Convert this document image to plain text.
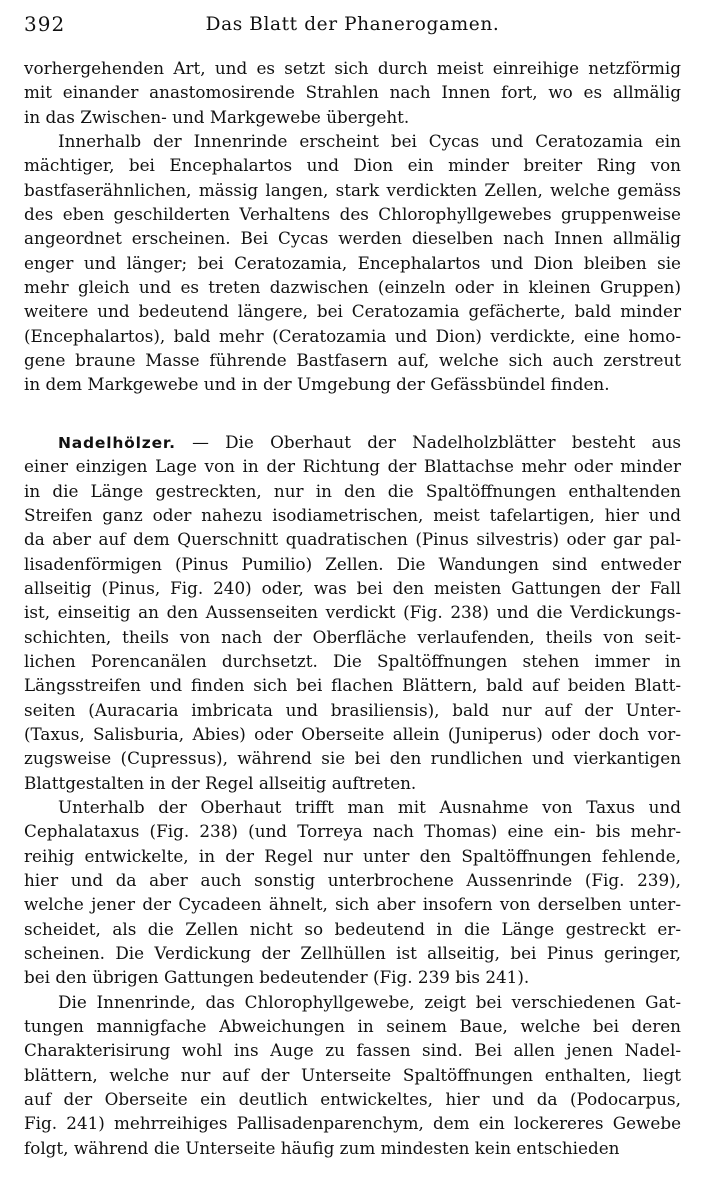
392	Das Blatt der Phanerogamen.
vorhergehenden Art, und es setzt sich durch meist einreihige netzförmig
mit einander anastomosirende Strahlen nach Innen fort, wo es allmälig
in das Zwischen- und Markgewebe übergeht.
Innerhalb der Innenrinde erscheint bei Cycas und Ceratozamia ein
mächtiger, bei Encephalartos und Dion ein minder breiter Ring von
bastfaserähnlichen, mässig langen, stark verdickten Zellen, welche gemäss
des eben geschilderten Verhaltens des Chlorophyllgewebes gruppenweise
angeordnet erscheinen. Bei Cycas werden dieselben nach Innen allmälig
enger und länger; bei Ceratozamia, Encephalartos und Dion bleiben sie
mehr gleich und es treten dazwischen (einzeln oder in kleinen Gruppen)
weitere und bedeutend längere, bei Ceratozamia gefächerte, bald minder
(Encephalartos), bald mehr (Ceratozamia und Dion) verdickte, eine homo-
gene braune Masse führende Bastfasern auf, welche sich auch zerstreut
in dem Markgewebe und in der Umgebung der Gefässbündel finden.
Nadelhölzer. — Die Oberhaut der Nadelholzblätter besteht aus
einer einzigen Lage von in der Richtung der Blattachse mehr oder minder
in die Länge gestreckten, nur in den die Spaltöffnungen enthaltenden
Streifen ganz oder nahezu isodiametrischen, meist tafelartigen, hier und
da aber auf dem Querschnitt quadratischen (Pinus silvestris) oder gar pal-
lisadenförmigen (Pinus Pumilio) Zellen. Die Wandungen sind entweder
allseitig (Pinus, Fig. 240) oder, was bei den meisten Gattungen der Fall
ist, einseitig an den Aussenseiten verdickt (Fig. 238) und die Verdickungs-
schichten, theils von nach der Oberfläche verlaufenden, theils von seit-
lichen Porencanälen durchsetzt. Die Spaltöffnungen stehen immer in
Längsstreifen und finden sich bei flachen Blättern, bald auf beiden Blatt-
seiten (Auracaria imbricata und brasiliensis), bald nur auf der Unter-
(Taxus, Salisburia, Abies) oder Oberseite allein (Juniperus) oder doch vor-
zugsweise (Cupressus), während sie bei den rundlichen und vierkantigen
Blattgestalten in der Regel allseitig auftreten.
Unterhalb der Oberhaut trifft man mit Ausnahme von Taxus und
Cephalataxus (Fig. 238) (und Torreya nach Thomas) eine ein- bis mehr-
reihig entwickelte, in der Regel nur unter den Spaltöffnungen fehlende,
hier und da aber auch sonstig unterbrochene Aussenrinde (Fig. 239),
welche jener der Cycadeen ähnelt, sich aber insofern von derselben unter-
scheidet, als die Zellen nicht so bedeutend in die Länge gestreckt er-
scheinen. Die Verdickung der Zellhüllen ist allseitig, bei Pinus geringer,
bei den übrigen Gattungen bedeutender (Fig. 239 bis 241).
Die Innenrinde, das Chlorophyllgewebe, zeigt bei verschiedenen Gat-
tungen mannigfache Abweichungen in seinem Baue, welche bei deren
Charakterisirung wohl ins Auge zu fassen sind. Bei allen jenen Nadel-
blättern, welche nur auf der Unterseite Spaltöffnungen enthalten, liegt
auf der Oberseite ein deutlich entwickeltes, hier und da (Podocarpus,
Fig. 241) mehrreihiges Pallisadenparenchym, dem ein lockereres Gewebe
folgt, während die Unterseite häufig zum mindesten kein entschieden
